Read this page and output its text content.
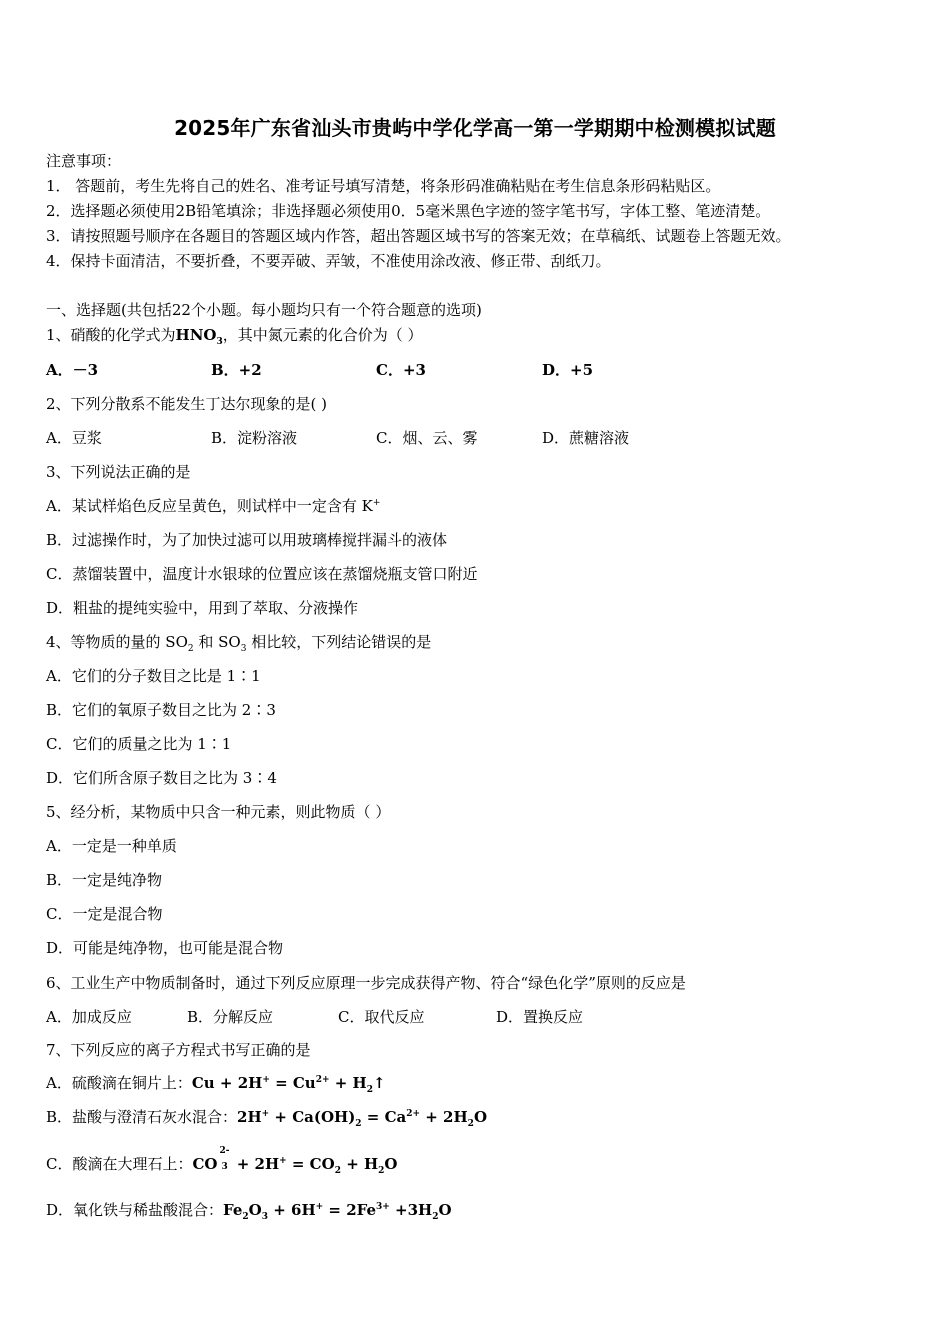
2025年广东省汕头市贵屿中学化学高一第一学期期中检测模拟试题
注意事项：
1． 答题前，考生先将自己的姓名、准考证号填写清楚，将条形码准确粘贴在考生信息条形码粘贴区。
2．选择题必须使用2B铅笔填涂；非选择题必须使用0．5毫米黑色字迹的签字笔书写，字体工整、笔迹清楚。
3．请按照题号顺序在各题目的答题区域内作答，超出答题区域书写的答案无效；在草稿纸、试题卷上答题无效。
4．保持卡面清洁，不要折叠，不要弄破、弄皱，不准使用涂改液、修正带、刮纸刀。
一、选择题(共包括22个小题。每小题均只有一个符合题意的选项)
1、硝酸的化学式为$HNO_3$，其中氮元素的化合价为（ ）
A．－3	B．+2	C．+3	D．+5
2、下列分散系不能发生丁达尔现象的是( )
A．豆浆	B．淀粉溶液	C．烟、云、雾	D．蔗糖溶液
3、下列说法正确的是
A．某试样焰色反应呈黄色，则试样中一定含有 K+
B．过滤操作时，为了加快过滤可以用玻璃棒搅拌漏斗的液体
C．蒸馏装置中，温度计水银球的位置应该在蒸馏烧瓶支管口附近
D．粗盐的提纯实验中，用到了萃取、分液操作
4、等物质的量的 $SO_2$ 和 $SO_3$ 相比较，下列结论错误的是
A．它们的分子数目之比是 1∶1
B．它们的氧原子数目之比为 2∶3
C．它们的质量之比为 1∶1
D．它们所含原子数目之比为 3∶4
5、经分析，某物质中只含一种元素，则此物质（ ）
A．一定是一种单质
B．一定是纯净物
C．一定是混合物
D．可能是纯净物，也可能是混合物
6、工业生产中物质制备时，通过下列反应原理一步完成获得产物、符合“绿色化学”原则的反应是
A．加成反应	B．分解反应	C．取代反应	D．置换反应
7、下列反应的离子方程式书写正确的是
A．硫酸滴在铜片上：$Cu + 2H^+ = Cu^{2+}$ + $H_2↑$
B．盐酸与澄清石灰水混合：$2H^+ + Ca(OH)_2 = Ca^{2+} + 2H_2O$
C．酸滴在大理石上：CO
2-
$3 + 2H^+ = CO_2 + H_2O$
D．氧化铁与稀盐酸混合：$Fe_2O_3 + 6H^+ = 2Fe^{3+} +3H_2O$
